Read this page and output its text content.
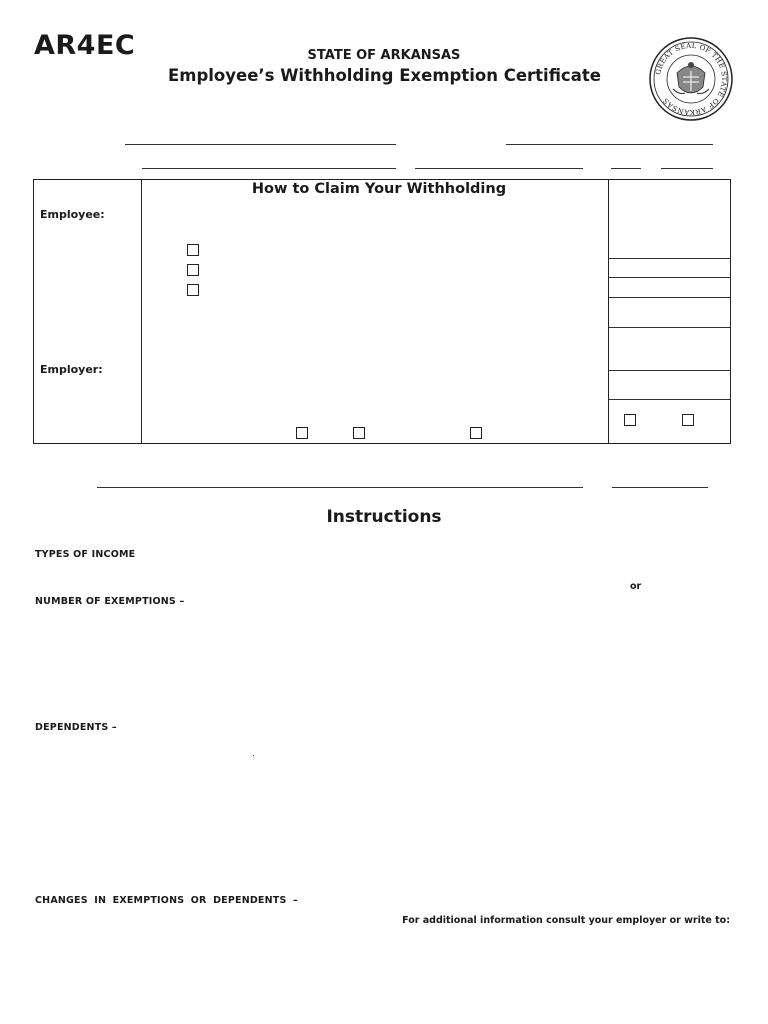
AR4EC	STATE OF ARKANSAS
Employee’s Withholding Exemption Certificate	GREAT SEAL OF THE STATE OF ARKANSAS
How to Claim Your Withholding
Employee:
Employer:
Instructions
TYPES OF INCOME
or
NUMBER OF EXEMPTIONS –
DEPENDENTS –
CHANGES IN EXEMPTIONS OR DEPENDENTS –
For additional information consult your employer or write to:
